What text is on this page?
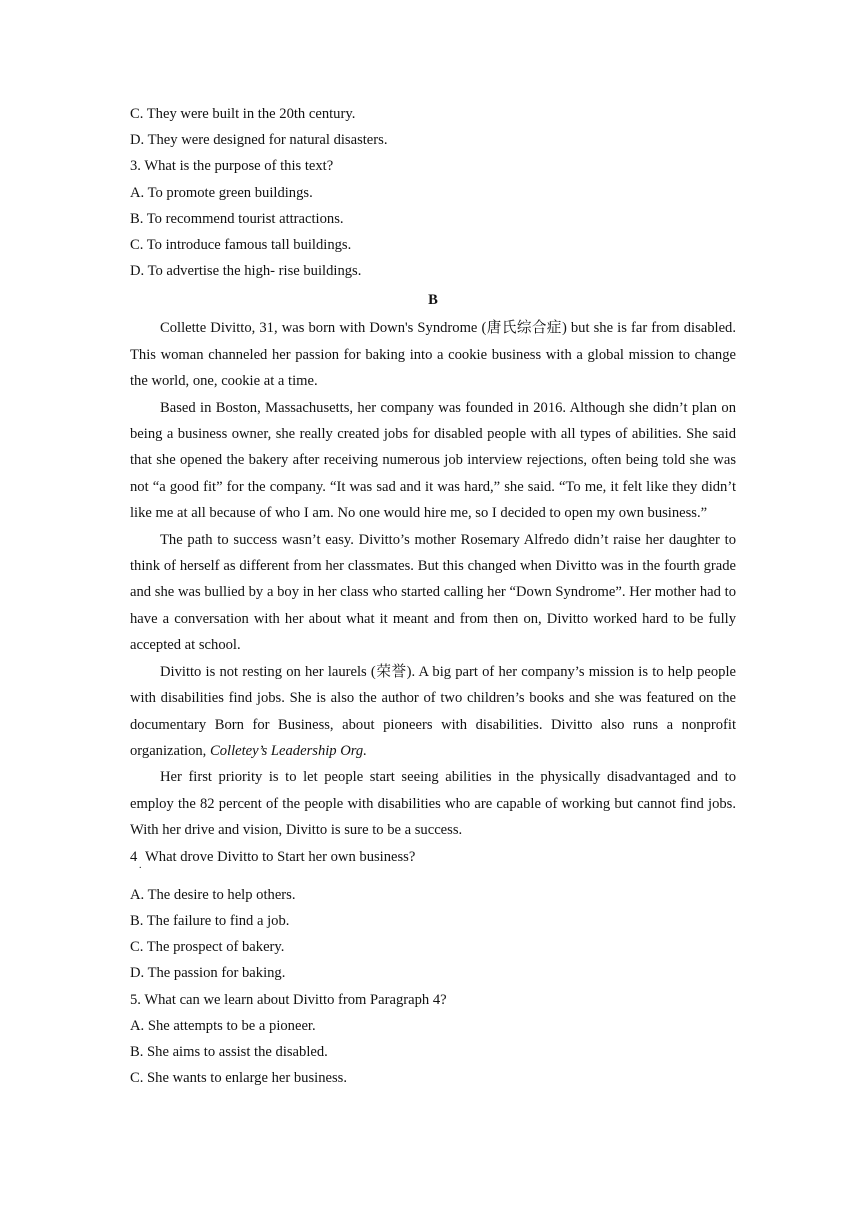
C. They were built in the 20th century.

D. They were designed for natural disasters.

3. What is the purpose of this text?

A. To promote green buildings.

B. To recommend tourist attractions.

C. To introduce famous tall buildings.

D. To advertise the high- rise buildings.

B

Collette Divitto, 31, was born with Down's Syndrome (唐氏综合症) but she is far from disabled. This woman channeled her passion for baking into a cookie business with a global mission to change the world, one, cookie at a time.

Based in Boston, Massachusetts, her company was founded in 2016. Although she didn’t plan on being a business owner, she really created jobs for disabled people with all types of abilities. She said that she opened the bakery after receiving numerous job interview rejections, often being told she was not “a good fit” for the company. “It was sad and it was hard,” she said. “To me, it felt like they didn’t like me at all because of who I am. No one would hire me, so I decided to open my own business.”

The path to success wasn’t easy. Divitto’s mother Rosemary Alfredo didn’t raise her daughter to think of herself as different from her classmates. But this changed when Divitto was in the fourth grade and she was bullied by a boy in her class who started calling her “Down Syndrome”. Her mother had to have a conversation with her about what it meant and from then on, Divitto worked hard to be fully accepted at school.

Divitto is not resting on her laurels (荣誉). A big part of her company’s mission is to help people with disabilities find jobs. She is also the author of two children’s books and she was featured on the documentary Born for Business, about pioneers with disabilities. Divitto also runs a nonprofit organization, Colletey’s Leadership Org.

Her first priority is to let people start seeing abilities in the physically disadvantaged and to employ the 82 percent of the people with disabilities who are capable of working but cannot find jobs. With her drive and vision, Divitto is sure to be a success.

4 What drove Divitto to Start her own business?
.

A. The desire to help others.

B. The failure to find a job.

C. The prospect of bakery.

D. The passion for baking.

5. What can we learn about Divitto from Paragraph 4?

A. She attempts to be a pioneer.

B. She aims to assist the disabled.

C. She wants to enlarge her business.
